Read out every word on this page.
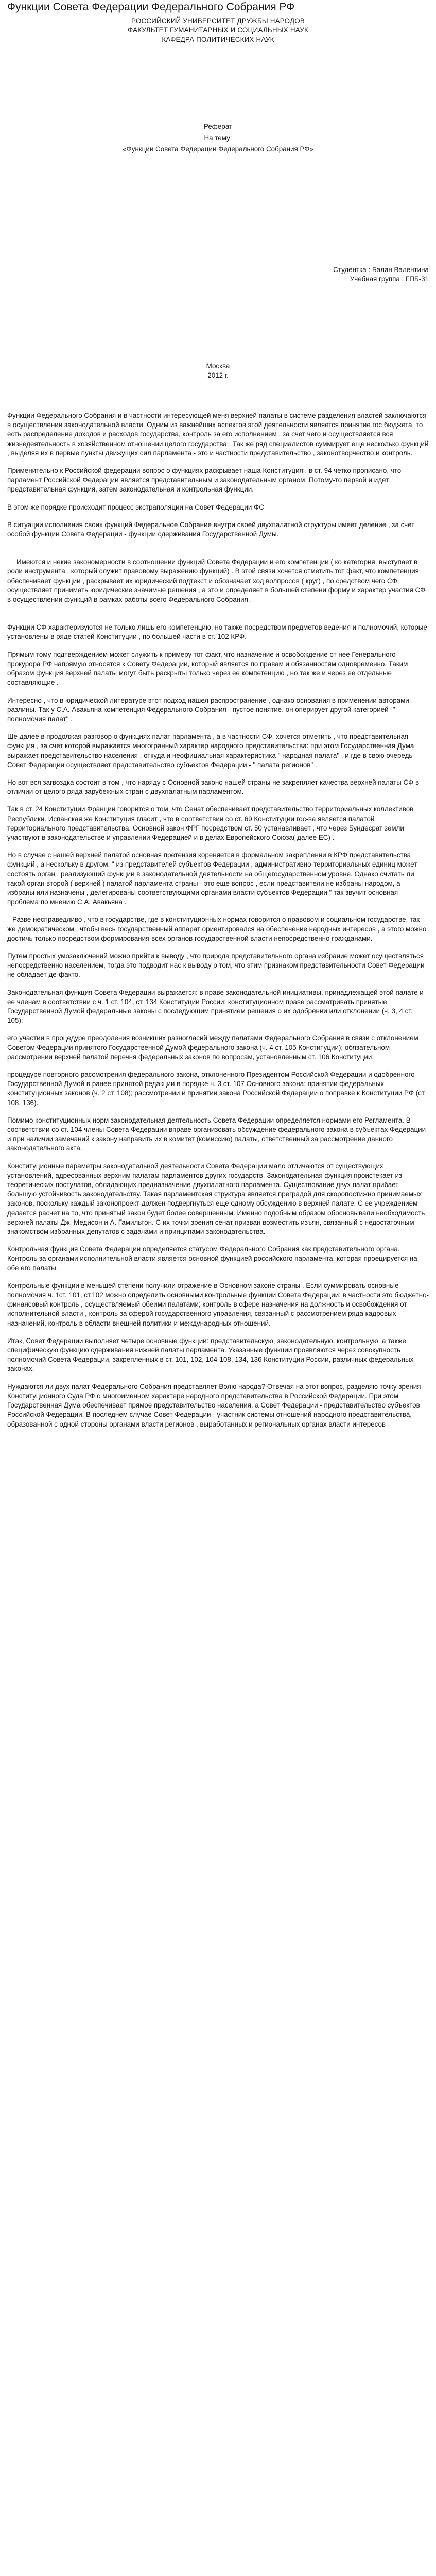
Функции Совета Федерации Федерального Собрания РФ
РОССИЙСКИЙ УНИВЕРСИТЕТ ДРУЖБЫ НАРОДОВ
ФАКУЛЬТЕТ ГУМАНИТАРНЫХ И СОЦИАЛЬНЫХ НАУК
КАФЕДРА ПОЛИТИЧЕСКИХ НАУК
Реферат
На тему:
«Функции Совета Федерации Федерального Собрания РФ»
Студентка : Балан Валентина
Учебная группа : ГПБ-31
Москва
2012 г.

Функции Федерального Собрания и в частности интересующей меня верхней палаты в системе разделения властей заключаются в осуществлении законодательной власти. Одним из важнейших аспектов этой деятельности является принятие гос бюджета, то есть распределение доходов и расходов государства, контроль за его исполнением , за счет чего и осуществляется вся жизнедеятельность в хозяйственном отношении целого государства . Так же ряд специалистов суммирует еще несколько функций , выделяя их в первые пункты движущих сил парламента - это и частности представительство , законотворчество и контроль.

Применительно к Российской федерации вопрос о функциях раскрывает наша Конституция , в ст. 94 четко прописано, что парламент Российской Федерации является представительным и законодательным органом. Потому-то первой и идет представительная функция, затем законодательная и контрольная функции.

В этом же порядке происходит процесс экстраполяции на Совет Федерации ФС

В ситуации исполнения своих функций Федеральное Собрание внутри своей двухпалатной структуры имеет деление , за счет особой функции Совета Федерации - функции сдерживания Государственной Думы.

Имеются и некие закономерности в соотношении функций Совета Федерации и его компетенции ( ко категория, выступает в роли инструмента , который служит правовому выражению функций) . В этой связи хочется отметить тот факт, что компетенция обеспечивает функции , раскрывает их юридический подтекст и обозначает ход волпросов ( круг) , по средством чего СФ осуществляет принимать юридические значимые решения , а это и определяет в большей степени форму и характер участия СФ в осуществлении функций в рамках работы всего Федерального Собрания .

Функции СФ характеризуются не только лишь его компетенцию, но также посредством предметов ведения и полномочий, которые установлены в ряде статей Конституции , по большей части в ст. 102 КРФ.

Прямым тому подтверждением может служить к примеру тот факт, что назначение и освобождение от нее Генерального прокурора РФ напрямую относятся к Совету Федерации, который является по правам и обязанностям одновременно. Таким образом функция верхней палаты могут быть раскрыты только через ее компетенцию , но так же и через ее отдельные составляющие .

Интересно , что в юридической литературе этот подход нашел распространение , однако основания в применении авторами разлины. Так у С.А. Авакьяна компетенция Федерального Собрания - пустое понятие, он оперирует другой категорией -" полномочия палат" .

Ще далее в продолжая разговор о функциях палат парламента , а в частности СФ, хочется отметить , что представительная функция , за счет которой выражается многогранный характер народного представительства: при этом Государственная Дума выражает представительство населения , откуда и неофициальная характеристика " народная палата" , и где в свою очередь Совет Федерации осуществляет представительство субъектов Федерации - " палата регионов" .

Но вот вся загвоздка состоит в том , что наряду с Основной законо нашей страны не закрепляет качества верхней палаты СФ в отличии от целого ряда зарубежных стран с двухпалатным парламентом.

Так в ст. 24 Конституции Франции говорится о том, что Сенат обеспечивает представительство территориальных коллективов Республики. Испанская же Конституция гласит , что в соответствии со ст. 69 Конституции гос-ва является палатой территориального представительства. Основной закон ФРГ посредством ст. 50 устанавливает , что через Бундесрат земли участвуют в законодательстве и управлении Федерацией и в делах Европейского Союза( далее ЕС) .

Но в случае с нашей верхней палатой основная претензия кореняется в формальном закреплении в КРФ представительства функций , а нескольку в другом: " из представителей субъектов Федерации , административно-территориальных единиц может состоять орган , реализующий функции в законодательной деятельности на общегосударственном уровне. Однако считать ли такой орган второй ( верхней ) палатой парламента страны - это еще вопрос , если представители не избраны народом, а избраны или назначены , делегированы соответствующими органами власти субъектов Федерации " так звучит основная проблема по мнению С.А. Авакьяна .

Разве несправедливо , что в государстве, где в конституционных нормах говорится о правовом и социальном государстве, так же демократическом , чтобы весь государственный аппарат ориентировался на обеспечение народных интересов , а этого можно достичь только посредством формирования всех органов государственной власти непосредственно гражданами.

Путем простых умозаключений можно прийти к выводу , что природа представительного органа избрание может осуществляться непосредственно населением, тогда это подводит нас к выводу о том, что этим признаком представительности Совет Федерации не обладает де-факто.

Законодательная функция Совета Федерации выражается: в праве законодательной инициативы, принадлежащей этой палате и ее членам в соответствии с ч. 1 ст. 104, ст. 134 Конституции России; конституционном праве рассматривать принятые Государственной Думой федеральные законы с последующим принятием решения о их одобрении или отклонении (ч. 3, 4 ст. 105);

его участии в процедуре преодоления возникших разногласий между палатами Федерального Собрания в связи с отклонением Советом Федерации принятого Государственной Думой федерального закона (ч. 4 ст. 105 Конституции); обязательном рассмотрении верхней палатой перечня федеральных законов по вопросам, установленным ст. 106 Конституции;

процедуре повторного рассмотрения федерального закона, отклоненного Президентом Российской Федерации и одобренного Государственной Думой в ранее принятой редакции в порядке ч. 3 ст. 107 Основного закона; принятии федеральных конституционных законов (ч. 2 ст. 108); рассмотрении и принятии закона Российской Федерации о поправке к Конституции РФ (ст. 108, 136).

Помимо конституционных норм законодательная деятельность Совета Федерации определяется нормами его Регламента. В соответствии со ст. 104 члены Совета Федерации вправе организовать обсуждение федерального закона в субъектах Федерации и при наличии замечаний к закону направить их в комитет (комиссию) палаты, ответственный за рассмотрение данного законодательного акта.

Конституционные параметры законодательной деятельности Совета Федерации мало отличаются от существующих установлений, адресованных верхним палатам парламентов других государств. Законодательная функция проистекает из теоретических постулатов, обладающих предназначение двухпалатного парламента. Существование двух палат прибает большую устойчивость законодательству. Такая парламентская структура является преградой для скоропостижно принимаемых законов, поскольку каждый законопроект должен подвергнуться еще одному обсуждению в верхней палате. С ее учреждением делается расчет на то, что принятый закон будет более совершенным. Именно подобным образом обосновывали необходимость верхней палаты Дж. Медисон и А. Гамильтон. С их точки зрения сенат призван возместить изъян, связанный с недостаточным знакомством избранных депутатов с задачами и принципами законодательства.

Контрольная функция Совета Федерации определяется статусом Федерального Собрания как представительного органа. Контроль за органами исполнительной власти является основной функцией российского парламента, которая проецируется на обе его палаты.

Контрольные функции в меньшей степени получили отражение в Основном законе страны . Если суммировать основные полномочия ч. 1ст. 101, ст.102 можно определить основными контрольные функции Совета Федерации: в частности это бюджетно-финансовый контроль , осуществляемый обеими палатами; контроль в сфере назначения на должность и освобождения от исполнительной власти , контроль за сферой государственного управления, связанный с рассмотрением ряда кадровых назначений, контроль в области внешней политики и международных отношений.

Итак, Совет Федерации выполняет четыре основные функции: представительскую, законодательную, контрольную, а также специфическую функцию сдерживания нижней палаты парламента. Указанные функции проявляются через совокупность полномочий Совета Федерации, закрепленных в ст. 101, 102, 104-108, 134, 136 Конституции России, различных федеральных законах.

Нуждаются ли двух палат Федерального Собрания представляет Волю народа? Отвечая на этот вопрос, разделяю точку зрения Конституционного Суда РФ о многоименном характере народного представительства в Российской Федерации. При этом Государственная Дума обеспечивает прямое представительство населения, а Совет Федерации - представительство субъектов Российской Федерации. В последнем случае Совет Федерации - участник системы отношений народного представительства, образованной с одной стороны органами власти регионов , выработанных и региональных органах власти интересов
